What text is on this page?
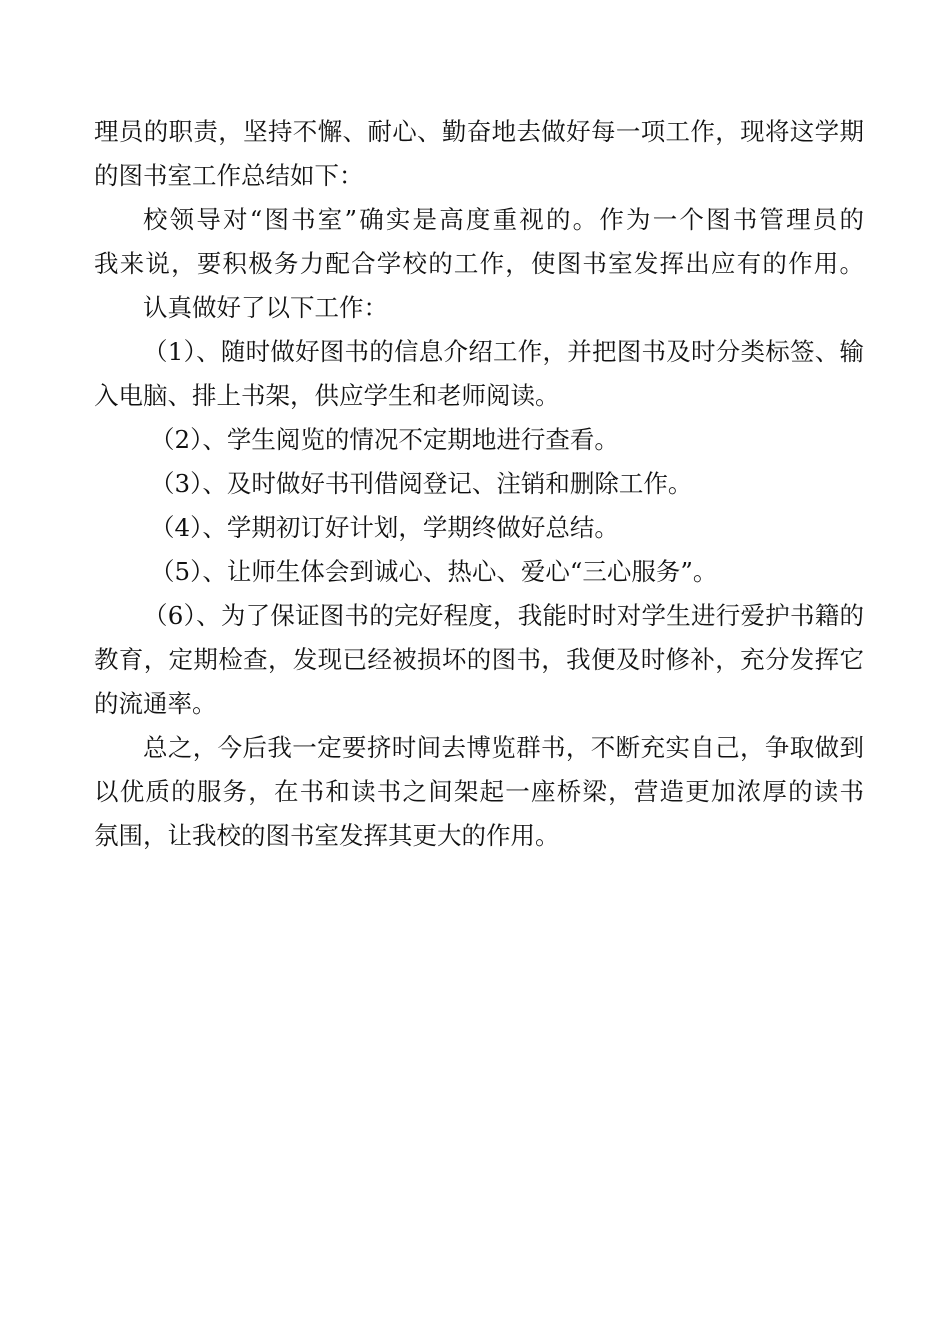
理员的职责，坚持不懈、耐心、勤奋地去做好每一项工作，现将这学期
的图书室工作总结如下：
校领导对“图书室”确实是高度重视的。作为一个图书管理员的
我来说，要积极务力配合学校的工作，使图书室发挥出应有的作用。
认真做好了以下工作：
（1）、随时做好图书的信息介绍工作，并把图书及时分类标签、输
入电脑、排上书架，供应学生和老师阅读。
（2）、学生阅览的情况不定期地进行查看。
（3）、及时做好书刊借阅登记、注销和删除工作。
（4）、学期初订好计划，学期终做好总结。
（5）、让师生体会到诚心、热心、爱心“三心服务”。
（6）、为了保证图书的完好程度，我能时时对学生进行爱护书籍的
教育，定期检查，发现已经被损坏的图书，我便及时修补，充分发挥它
的流通率。
总之，今后我一定要挤时间去博览群书，不断充实自己，争取做到
以优质的服务，在书和读书之间架起一座桥梁，营造更加浓厚的读书
氛围，让我校的图书室发挥其更大的作用。
